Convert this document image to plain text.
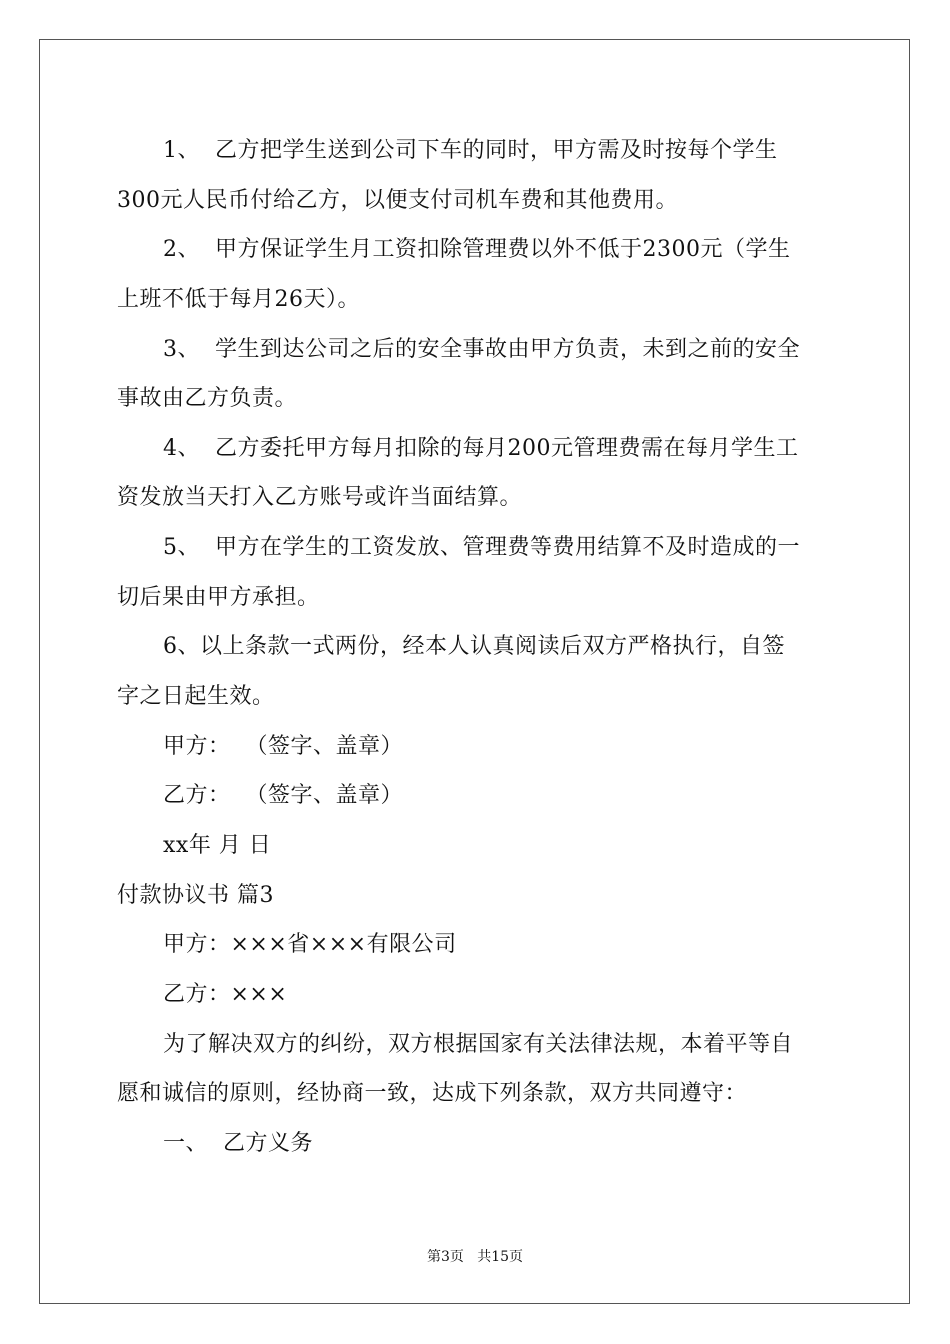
1、  乙方把学生送到公司下车的同时，甲方需及时按每个学生
300元人民币付给乙方，以便支付司机车费和其他费用。
2、  甲方保证学生月工资扣除管理费以外不低于2300元（学生
上班不低于每月26天）。
3、  学生到达公司之后的安全事故由甲方负责，未到之前的安全
事故由乙方负责。
4、  乙方委托甲方每月扣除的每月200元管理费需在每月学生工
资发放当天打入乙方账号或许当面结算。
5、  甲方在学生的工资发放、管理费等费用结算不及时造成的一
切后果由甲方承担。
6、以上条款一式两份，经本人认真阅读后双方严格执行，自签
字之日起生效。
甲方：  （签字、盖章）
乙方：  （签字、盖章）
xx年 月 日
付款协议书 篇3
甲方：×××省×××有限公司
乙方：×××
为了解决双方的纠纷，双方根据国家有关法律法规，本着平等自
愿和诚信的原则，经协商一致，达成下列条款，双方共同遵守：
一、  乙方义务
第3页   共15页
